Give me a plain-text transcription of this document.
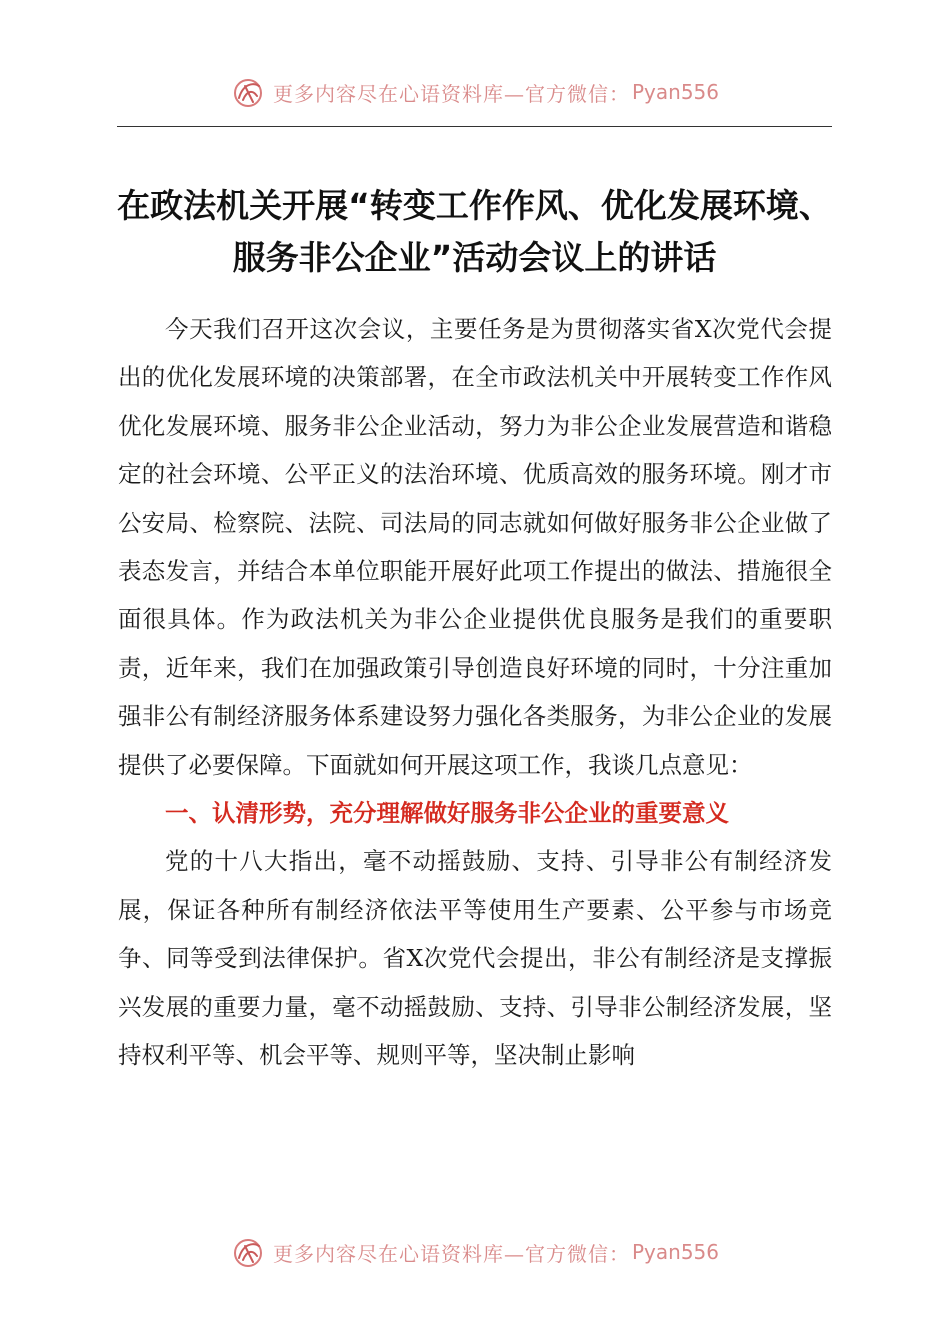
更多内容尽在心语资料库—官方微信： Pyan556
在政法机关开展“转变工作作风、优化发展环境、服务非公企业”活动会议上的讲话

今天我们召开这次会议，主要任务是为贯彻落实省X次党代会提出的优化发展环境的决策部署，在全市政法机关中开展转变工作作风优化发展环境、服务非公企业活动，努力为非公企业发展营造和谐稳定的社会环境、公平正义的法治环境、优质高效的服务环境。刚才市公安局、检察院、法院、司法局的同志就如何做好服务非公企业做了表态发言，并结合本单位职能开展好此项工作提出的做法、措施很全面很具体。作为政法机关为非公企业提供优良服务是我们的重要职责，近年来，我们在加强政策引导创造良好环境的同时，十分注重加强非公有制经济服务体系建设努力强化各类服务，为非公企业的发展提供了必要保障。下面就如何开展这项工作，我谈几点意见：

一、认清形势，充分理解做好服务非公企业的重要意义

党的十八大指出，毫不动摇鼓励、支持、引导非公有制经济发展，保证各种所有制经济依法平等使用生产要素、公平参与市场竞争、同等受到法律保护。省X次党代会提出，非公有制经济是支撑振兴发展的重要力量，毫不动摇鼓励、支持、引导非公制经济发展，坚持权利平等、机会平等、规则平等，坚决制止影响

更多内容尽在心语资料库—官方微信： Pyan556
